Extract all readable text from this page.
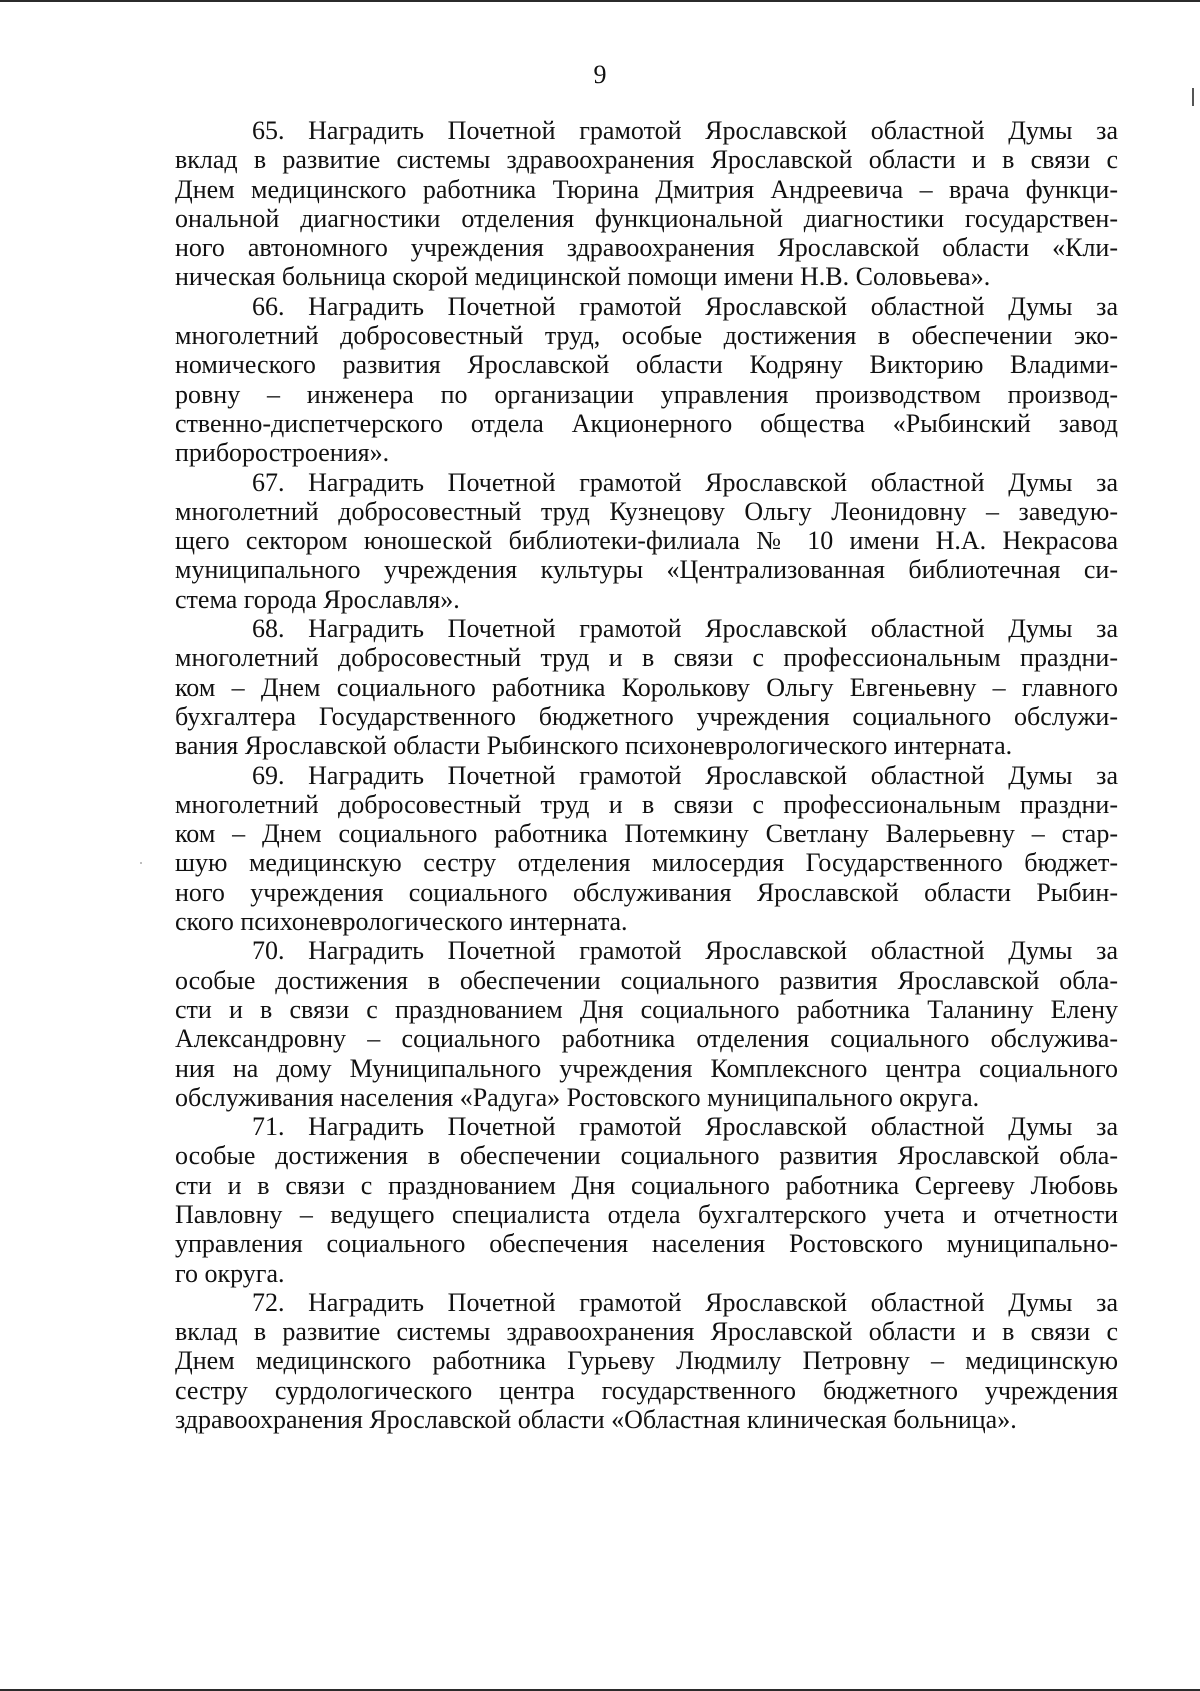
9
65. Наградить Почетной грамотой Ярославской областной Думы за
вклад в развитие системы здравоохранения Ярославской области и в связи с
Днем медицинского работника Тюрина Дмитрия Андреевича – врача функци-
ональной диагностики отделения функциональной диагностики государствен-
ного автономного учреждения здравоохранения Ярославской области «Кли-
ническая больница скорой медицинской помощи имени Н.В. Соловьева».
66. Наградить Почетной грамотой Ярославской областной Думы за
многолетний добросовестный труд, особые достижения в обеспечении эко-
номического развития Ярославской области Кодряну Викторию Владими-
ровну – инженера по организации управления производством производ-
ственно-диспетчерского отдела Акционерного общества «Рыбинский завод
приборостроения».
67. Наградить Почетной грамотой Ярославской областной Думы за
многолетний добросовестный труд Кузнецову Ольгу Леонидовну – заведую-
щего сектором юношеской библиотеки-филиала № 10 имени Н.А. Некрасова
муниципального учреждения культуры «Централизованная библиотечная си-
стема города Ярославля».
68. Наградить Почетной грамотой Ярославской областной Думы за
многолетний добросовестный труд и в связи с профессиональным праздни-
ком – Днем социального работника Королькову Ольгу Евгеньевну – главного
бухгалтера Государственного бюджетного учреждения социального обслужи-
вания Ярославской области Рыбинского психоневрологического интерната.
69. Наградить Почетной грамотой Ярославской областной Думы за
многолетний добросовестный труд и в связи с профессиональным праздни-
ком – Днем социального работника Потемкину Светлану Валерьевну – стар-
шую медицинскую сестру отделения милосердия Государственного бюджет-
ного учреждения социального обслуживания Ярославской области Рыбин-
ского психоневрологического интерната.
70. Наградить Почетной грамотой Ярославской областной Думы за
особые достижения в обеспечении социального развития Ярославской обла-
сти и в связи с празднованием Дня социального работника Таланину Елену
Александровну – социального работника отделения социального обслужива-
ния на дому Муниципального учреждения Комплексного центра социального
обслуживания населения «Радуга» Ростовского муниципального округа.
71. Наградить Почетной грамотой Ярославской областной Думы за
особые достижения в обеспечении социального развития Ярославской обла-
сти и в связи с празднованием Дня социального работника Сергееву Любовь
Павловну – ведущего специалиста отдела бухгалтерского учета и отчетности
управления социального обеспечения населения Ростовского муниципально-
го округа.
72. Наградить Почетной грамотой Ярославской областной Думы за
вклад в развитие системы здравоохранения Ярославской области и в связи с
Днем медицинского работника Гурьеву Людмилу Петровну – медицинскую
сестру сурдологического центра государственного бюджетного учреждения
здравоохранения Ярославской области «Областная клиническая больница».
